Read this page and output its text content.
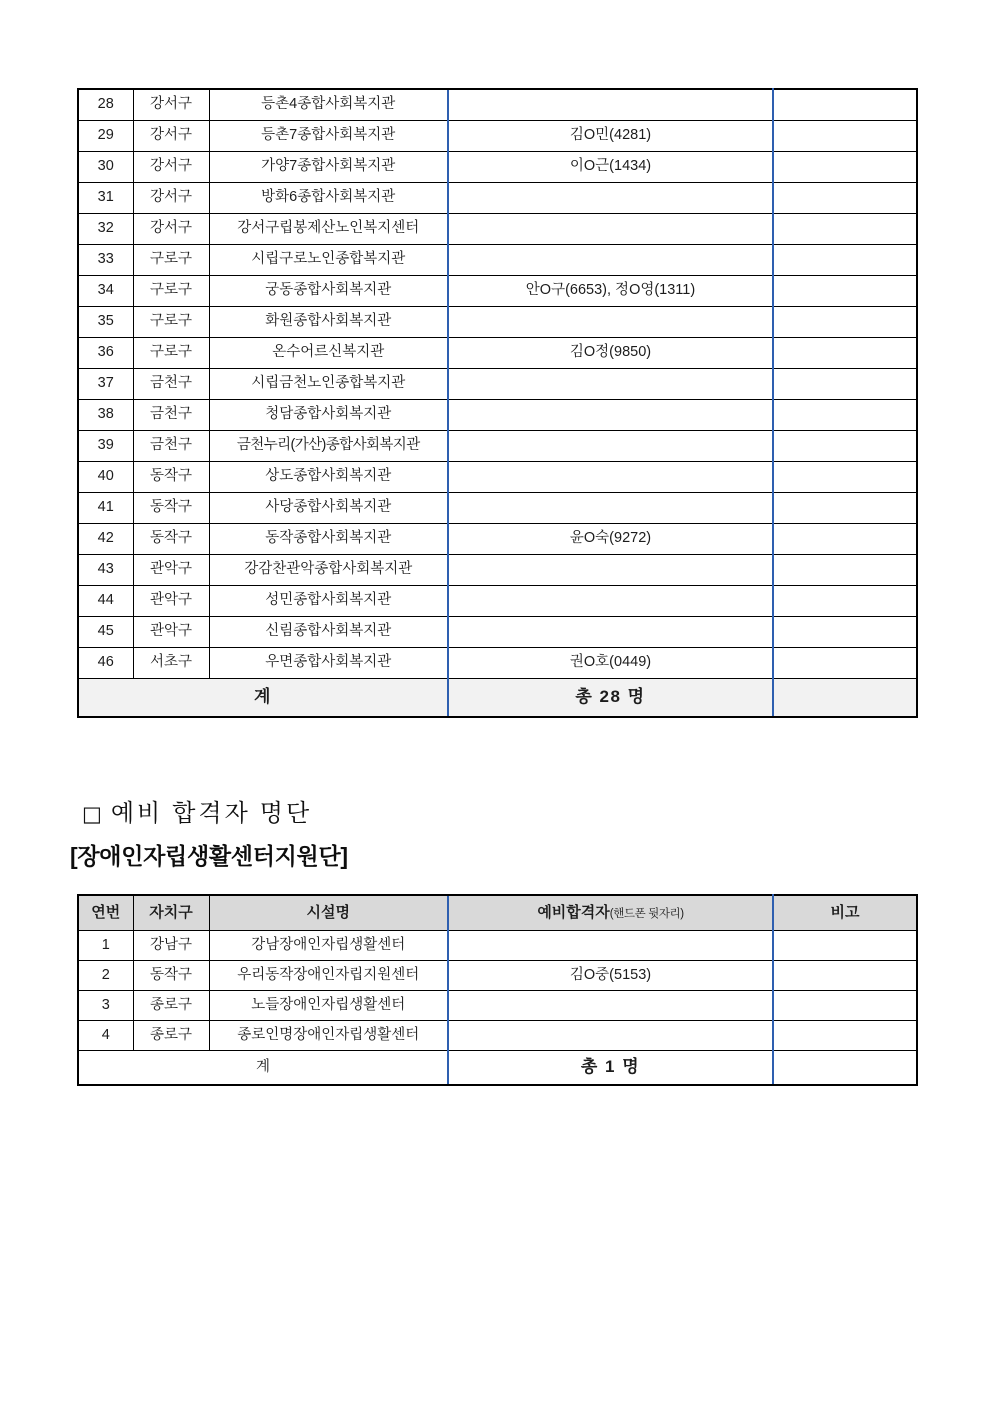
28	강서구	등촌4종합사회복지관		
29	강서구	등촌7종합사회복지관	김O민(4281)	
30	강서구	가양7종합사회복지관	이O근(1434)	
31	강서구	방화6종합사회복지관		
32	강서구	강서구립봉제산노인복지센터		
33	구로구	시립구로노인종합복지관		
34	구로구	궁동종합사회복지관	안O구(6653), 정O영(1311)	
35	구로구	화원종합사회복지관		
36	구로구	온수어르신복지관	김O정(9850)	
37	금천구	시립금천노인종합복지관		
38	금천구	청담종합사회복지관		
39	금천구	금천누리(가산)종합사회복지관		
40	동작구	상도종합사회복지관		
41	동작구	사당종합사회복지관		
42	동작구	동작종합사회복지관	윤O숙(9272)	
43	관악구	강감찬관악종합사회복지관		
44	관악구	성민종합사회복지관		
45	관악구	신림종합사회복지관		
46	서초구	우면종합사회복지관	권O호(0449)	
계			총 28 명	
□ 예비 합격자 명단
[장애인자립생활센터지원단]
연번	자치구	시설명	예비합격자(핸드폰 뒷자리)	비고
1	강남구	강남장애인자립생활센터		
2	동작구	우리동작장애인자립지원센터	김O중(5153)	
3	종로구	노들장애인자립생활센터		
4	종로구	종로인명장애인자립생활센터		
계			총 1 명	
